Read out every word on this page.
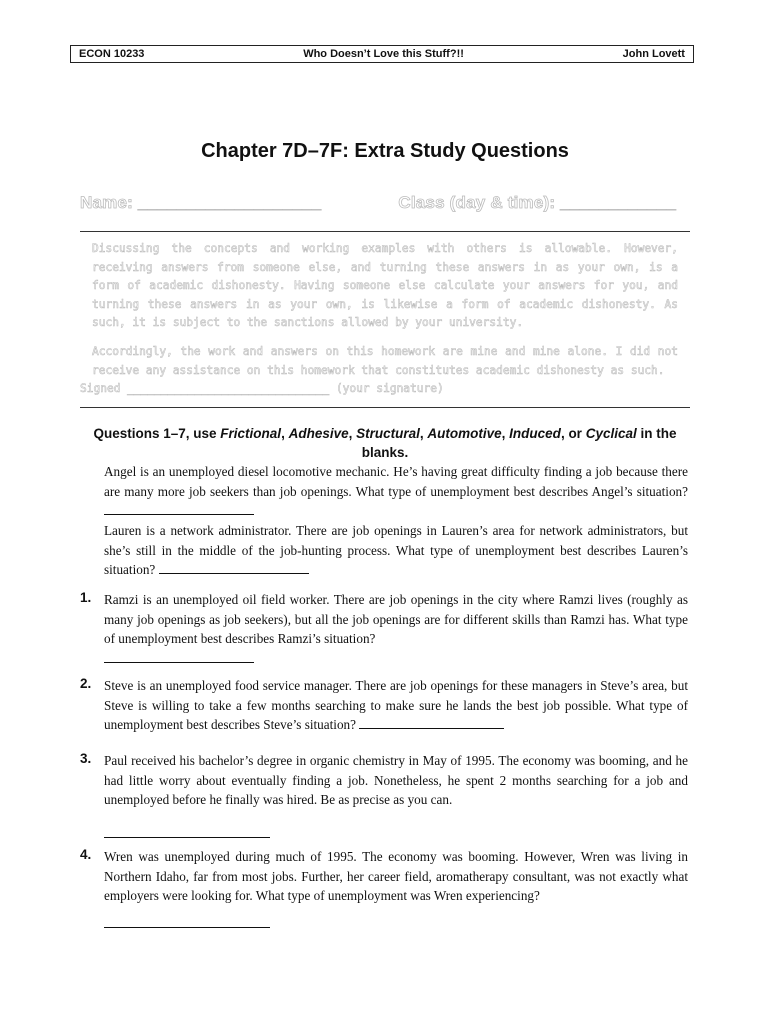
ECON 10233	Who Doesn’t Love this Stuff?!!	John Lovett
Chapter 7D–7F: Extra Study Questions
Name: ___________________	Class (day & time): ____________
Discussing the concepts and working examples with others is allowable. However, receiving answers from someone else, and turning these answers in as your own, is a form of academic dishonesty. Having someone else calculate your answers for you, and turning these answers in as your own, is likewise a form of academic dishonesty. As such, it is subject to the sanctions allowed by your university.
Accordingly, the work and answers on this homework are mine and mine alone. I did not receive any assistance on this homework that constitutes academic dishonesty as such.
Signed ______________________________ (your signature)
Questions 1–7, use Frictional, Adhesive, Structural, Automotive, Induced, or Cyclical in the blanks.
Angel is an unemployed diesel locomotive mechanic. He’s having great difficulty finding a job because there are many more job seekers than job openings. What type of unemployment best describes Angel’s situation?
Lauren is a network administrator. There are job openings in Lauren’s area for network administrators, but she’s still in the middle of the job-hunting process. What type of unemployment best describes Lauren’s situation?
1. Ramzi is an unemployed oil field worker. There are job openings in the city where Ramzi lives (roughly as many job openings as job seekers), but all the job openings are for different skills than Ramzi has. What type of unemployment best describes Ramzi’s situation?

2. Steve is an unemployed food service manager. There are job openings for these managers in Steve’s area, but Steve is willing to take a few months searching to make sure he lands the best job possible. What type of unemployment best describes Steve’s situation?
3. Paul received his bachelor’s degree in organic chemistry in May of 1995. The economy was booming, and he had little worry about eventually finding a job. Nonetheless, he spent 2 months searching for a job and unemployed before he finally was hired. Be as precise as you can.
4. Wren was unemployed during much of 1995. The economy was booming. However, Wren was living in Northern Idaho, far from most jobs. Further, her career field, aromatherapy consultant, was not exactly what employers were looking for. What type of unemployment was Wren experiencing?
